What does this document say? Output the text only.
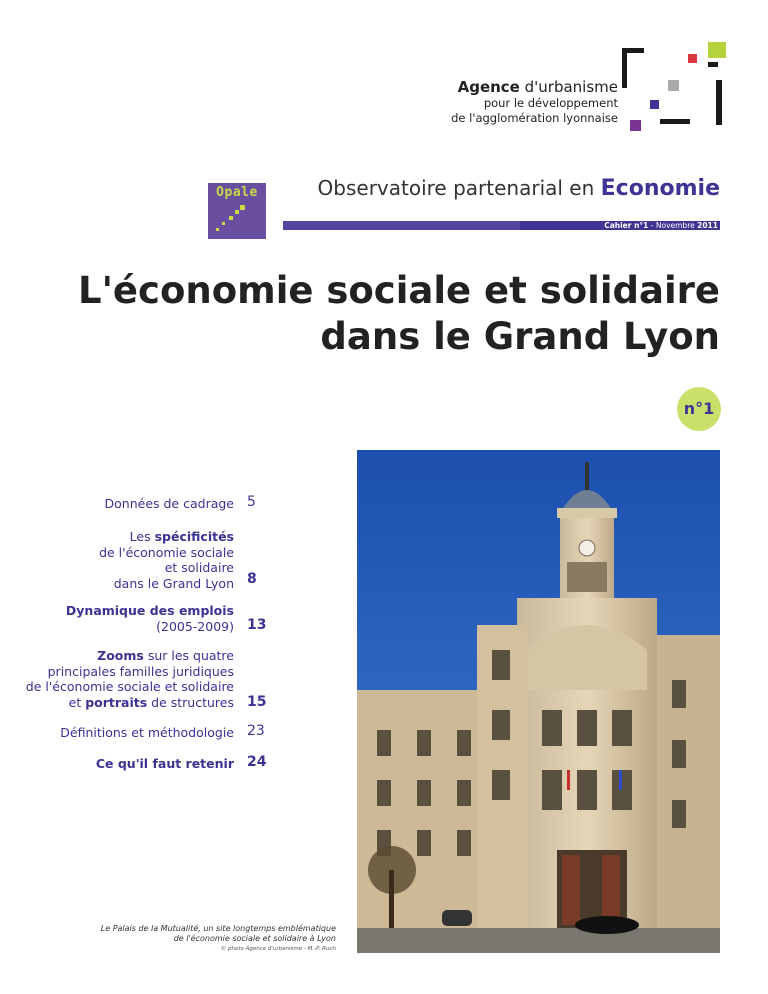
Agence d'urbanisme
pour le développement
de l'agglomération lyonnaise
Opale	Observatoire partenarial en Economie
Cahier n°1 - Novembre 2011
L'économie sociale et solidaire
dans le Grand Lyon
n°1
Données de cadrage 5
Les spécificités
de l'économie sociale
et solidaire
dans le Grand Lyon 8
Dynamique des emplois
(2005-2009) 13
Zooms sur les quatre
principales familles juridiques
de l'économie sociale et solidaire
et portraits de structures 15
Définitions et méthodologie 23
Ce qu'il faut retenir 24
Le Palais de la Mutualité, un site longtemps emblématique
de l'économie sociale et solidaire à Lyon
© photo Agence d'urbanisme - M.-P. Ruch
